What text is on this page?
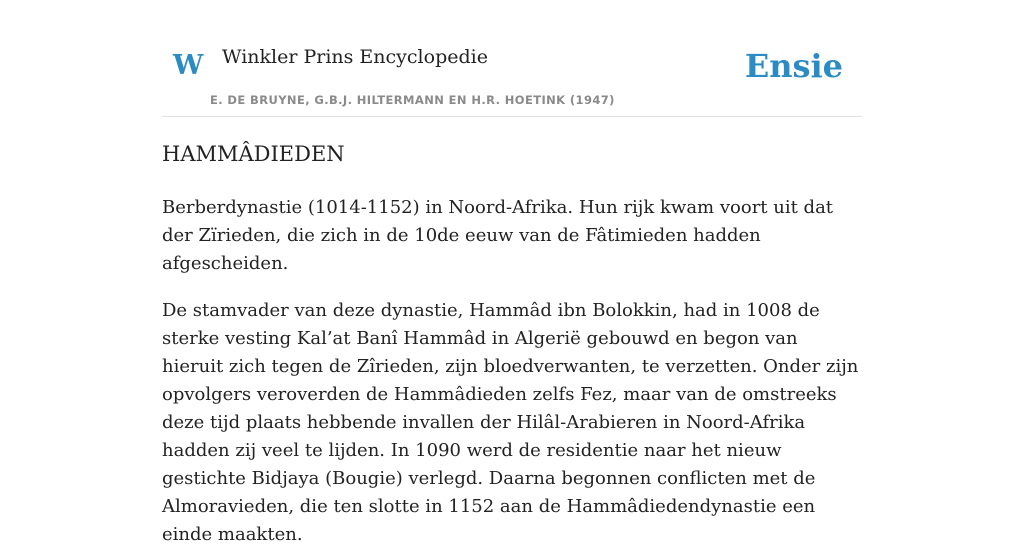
W Winkler Prins Encyclopedie
E. DE BRUYNE, G.B.J. HILTERMANN EN H.R. HOETINK (1947)
Ensie
HAMMÂDIEDEN

Berberdynastie (1014-1152) in Noord-Afrika. Hun rijk kwam voort uit dat der Zïrieden, die zich in de 10de eeuw van de Fâtimieden hadden afgescheiden.

De stamvader van deze dynastie, Hammâd ibn Bolokkin, had in 1008 de sterke vesting Kal’at Banî Hammâd in Algerië gebouwd en begon van hieruit zich tegen de Zîrieden, zijn bloedverwanten, te verzetten. Onder zijn opvolgers veroverden de Hammâdieden zelfs Fez, maar van de omstreeks deze tijd plaats hebbende invallen der Hilâl-Arabieren in Noord-Afrika hadden zij veel te lijden. In 1090 werd de residentie naar het nieuw gestichte Bidjaya (Bougie) verlegd. Daarna begonnen conflicten met de Almoravieden, die ten slotte in 1152 aan de Hammâdiedendynastie een einde maakten.
